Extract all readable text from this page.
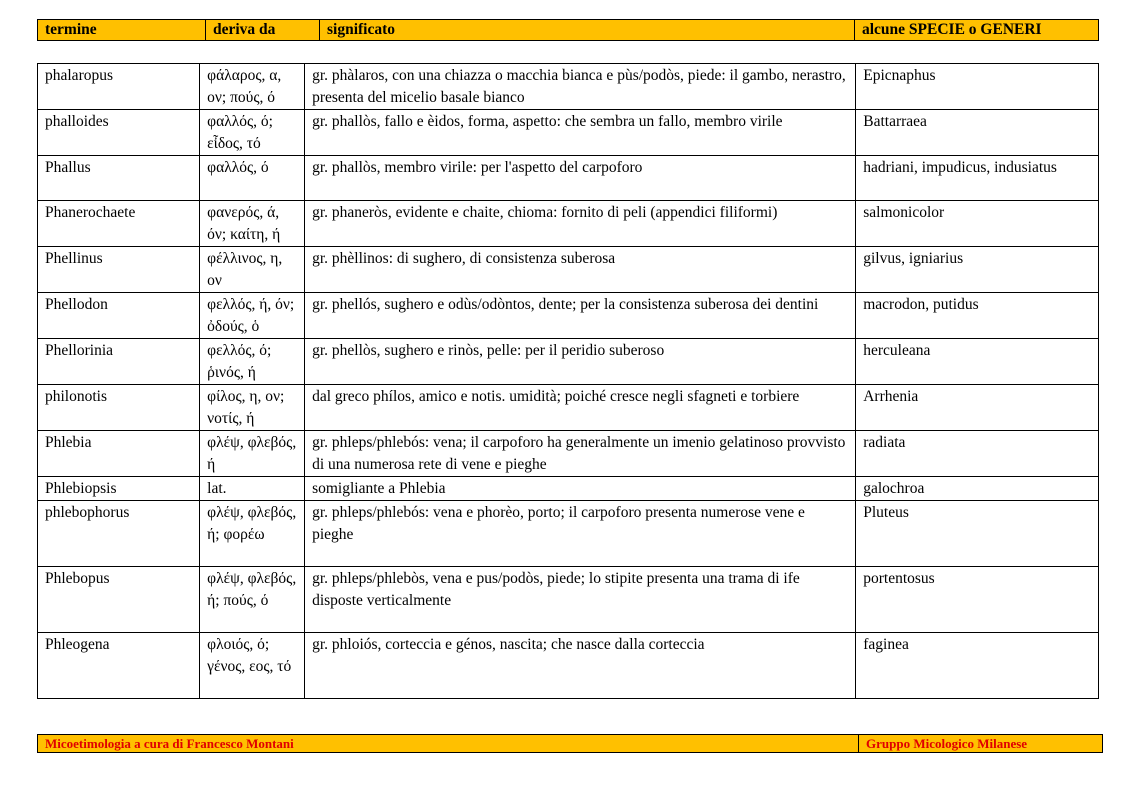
termine	deriva da	significato	alcune SPECIE o GENERI
phalaropus	φάλαρος, α, ον; πούς, ό	gr. phàlaros, con una chiazza o macchia bianca e pùs/podòs, piede: il gambo, nerastro, presenta del micelio basale bianco	Epicnaphus
phalloides	φαλλός, ό; εἶδος, τό	gr. phallòs, fallo e èidos, forma, aspetto: che sembra un fallo, membro virile	Battarraea
Phallus	φαλλός, ό	gr. phallòs, membro virile: per l'aspetto del carpoforo	hadriani, impudicus, indusiatus
Phanerochaete	φανερός, ά, όν; καίτη, ή	gr. phaneròs, evidente e chaite, chioma: fornito di peli (appendici filiformi)	salmonicolor
Phellinus	φέλλινος, η, ον	gr. phèllinos: di sughero, di consistenza suberosa	gilvus, igniarius
Phellodon	φελλός, ή, όν; ὀδούς, ὁ	gr. phellós, sughero e odùs/odòntos, dente; per la consistenza suberosa dei dentini	macrodon, putidus
Phellorinia	φελλός, ό; ῥινός, ή	gr. phellòs, sughero e rinòs, pelle: per il peridio suberoso	herculeana
philonotis	φίλος, η, ον; νοτίς, ή	dal greco phílos, amico e notis. umidità; poiché cresce negli sfagneti e torbiere	Arrhenia
Phlebia	φλέψ, φλεβός, ή	gr. phleps/phlebós: vena; il carpoforo ha generalmente un imenio gelatinoso provvisto di una numerosa rete di vene e pieghe	radiata
Phlebiopsis	lat.	somigliante a Phlebia	galochroa
phlebophorus	φλέψ, φλεβός, ή; φορέω	gr. phleps/phlebós: vena e phorèo, porto; il carpoforo presenta numerose vene e pieghe	Pluteus
Phlebopus	φλέψ, φλεβός, ή; πούς, ό	gr. phleps/phlebòs, vena e pus/podòs, piede; lo stipite presenta una trama di ife disposte verticalmente	portentosus
Phleogena	φλοιός, ό; γένος, εος, τό	gr. phloiós, corteccia e génos, nascita; che nasce dalla corteccia	faginea
Micoetimologia a cura di Francesco Montani	Gruppo Micologico Milanese
